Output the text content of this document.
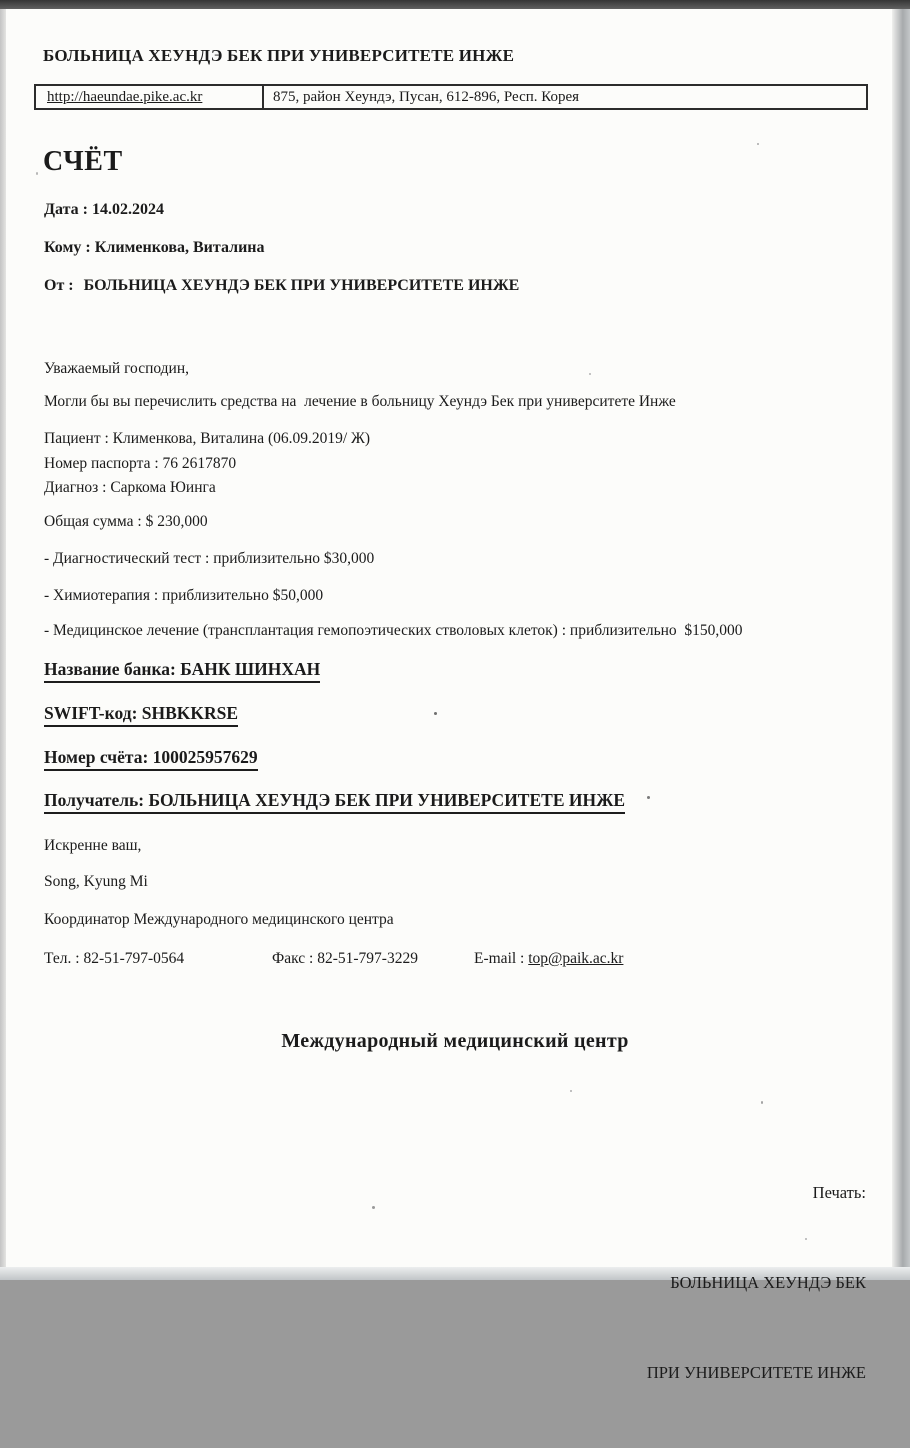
БОЛЬНИЦА ХЕУНДЭ БЕК ПРИ УНИВЕРСИТЕТЕ ИНЖЕ
http://haeundae.pike.ac.kr	875, район Хеундэ, Пусан, 612-896, Респ. Корея
СЧЁТ
Дата : 14.02.2024
Кому : Клименкова, Виталина
От : БОЛЬНИЦА ХЕУНДЭ БЕК ПРИ УНИВЕРСИТЕТЕ ИНЖЕ
Уважаемый господин,
Могли бы вы перечислить средства на  лечение в больницу Хеундэ Бек при университете Инже
Пациент : Клименкова, Виталина (06.09.2019/ Ж)
Номер паспорта : 76 2617870
Диагноз : Саркома Юинга
Общая сумма : $ 230,000
- Диагностический тест : приблизительно $30,000
- Химиотерапия : приблизительно $50,000
- Медицинское лечение (трансплантация гемопоэтических стволовых клеток) : приблизительно  $150,000
Название банка: БАНК ШИНХАН
SWIFT-код: SHBKKRSE
Номер счёта: 100025957629
Получатель: БОЛЬНИЦА ХЕУНДЭ БЕК ПРИ УНИВЕРСИТЕТЕ ИНЖЕ
Искренне ваш,
Song, Kyung Mi
Координатор Международного медицинского центра
Тел. : 82-51-797-0564	Факс : 82-51-797-3229	E-mail : top@paik.ac.kr
Международный медицинский центр

Печать:

БОЛЬНИЦА ХЕУНДЭ БЕК

ПРИ УНИВЕРСИТЕТЕ ИНЖЕ
